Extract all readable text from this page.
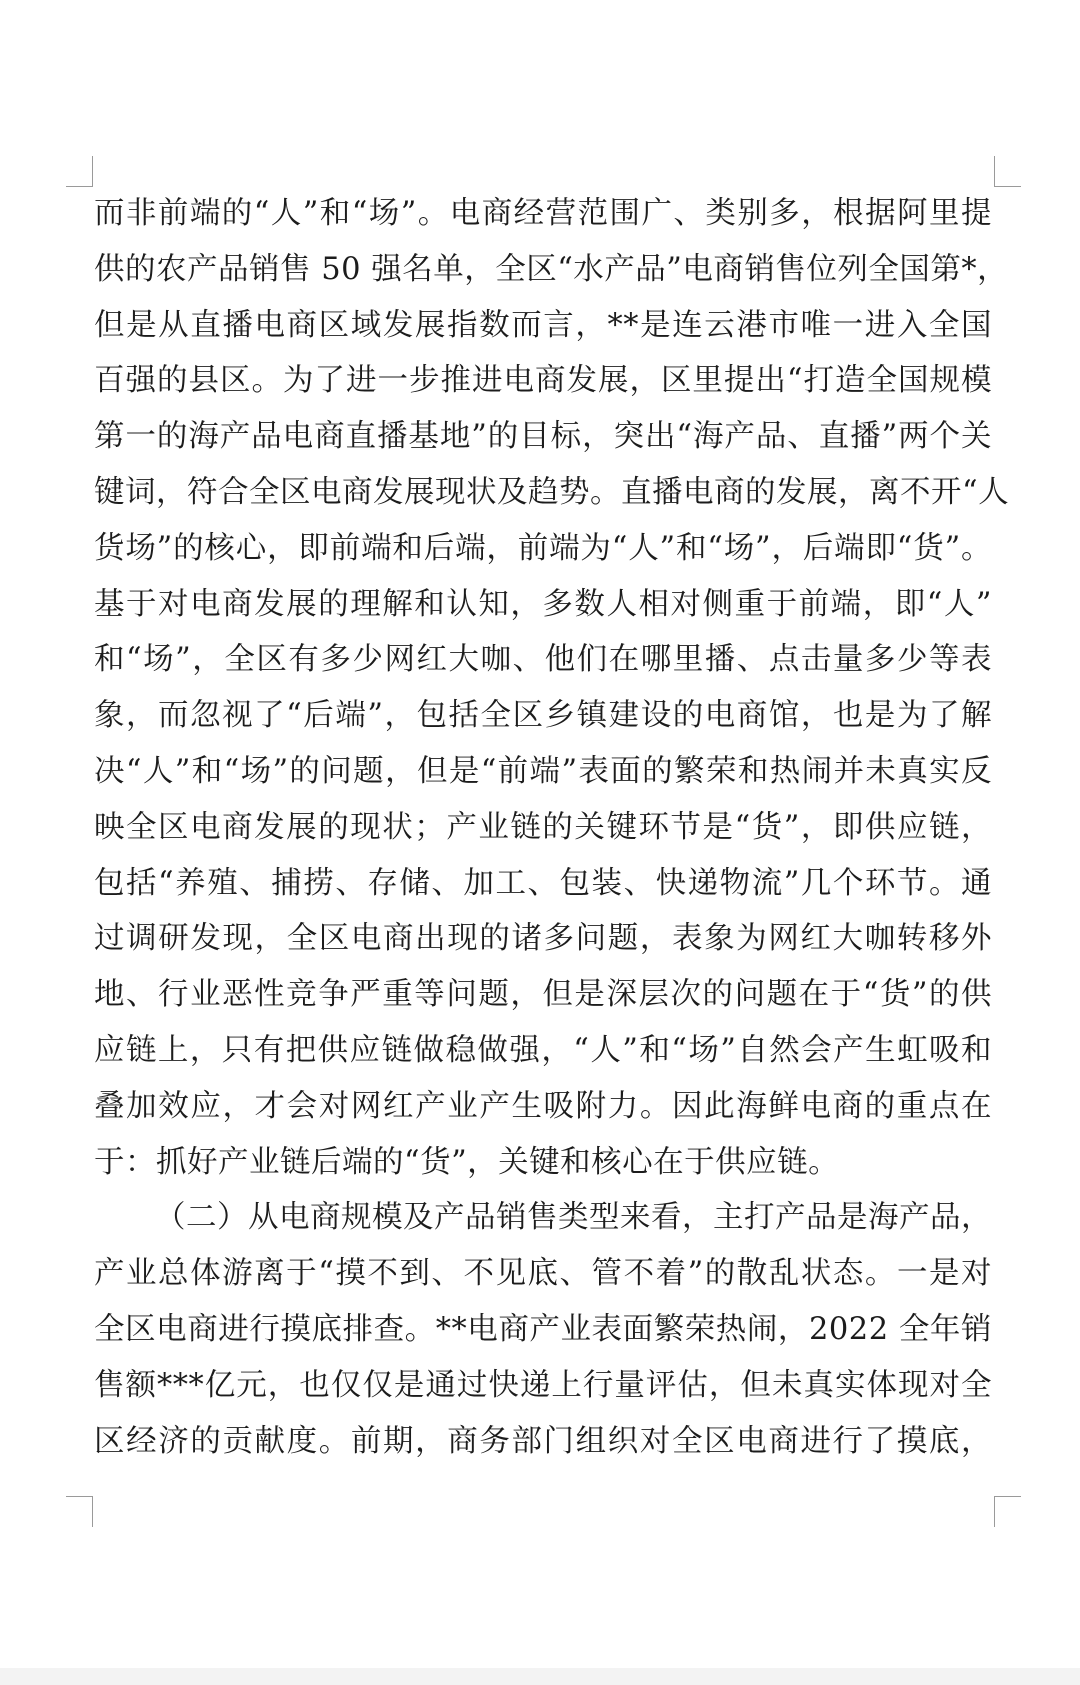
而非前端的“人”和“场”。电商经营范围广、类别多，根据阿里提
供的农产品销售 50 强名单，全区“水产品”电商销售位列全国第*，
但是从直播电商区域发展指数而言，**是连云港市唯一进入全国
百强的县区。为了进一步推进电商发展，区里提出“打造全国规模
第一的海产品电商直播基地”的目标，突出“海产品、直播”两个关
键词，符合全区电商发展现状及趋势。直播电商的发展，离不开“人
货场”的核心，即前端和后端，前端为“人”和“场”，后端即“货”。
基于对电商发展的理解和认知，多数人相对侧重于前端，即“人”
和“场”，全区有多少网红大咖、他们在哪里播、点击量多少等表
象，而忽视了“后端”，包括全区乡镇建设的电商馆，也是为了解
决“人”和“场”的问题，但是“前端”表面的繁荣和热闹并未真实反
映全区电商发展的现状；产业链的关键环节是“货”，即供应链，
包括“养殖、捕捞、存储、加工、包装、快递物流”几个环节。通
过调研发现，全区电商出现的诸多问题，表象为网红大咖转移外
地、行业恶性竞争严重等问题，但是深层次的问题在于“货”的供
应链上，只有把供应链做稳做强，“人”和“场”自然会产生虹吸和
叠加效应，才会对网红产业产生吸附力。因此海鲜电商的重点在
于：抓好产业链后端的“货”，关键和核心在于供应链。
（二）从电商规模及产品销售类型来看，主打产品是海产品，
产业总体游离于“摸不到、不见底、管不着”的散乱状态。一是对
全区电商进行摸底排查。**电商产业表面繁荣热闹，2022 全年销
售额***亿元，也仅仅是通过快递上行量评估，但未真实体现对全
区经济的贡献度。前期，商务部门组织对全区电商进行了摸底，
